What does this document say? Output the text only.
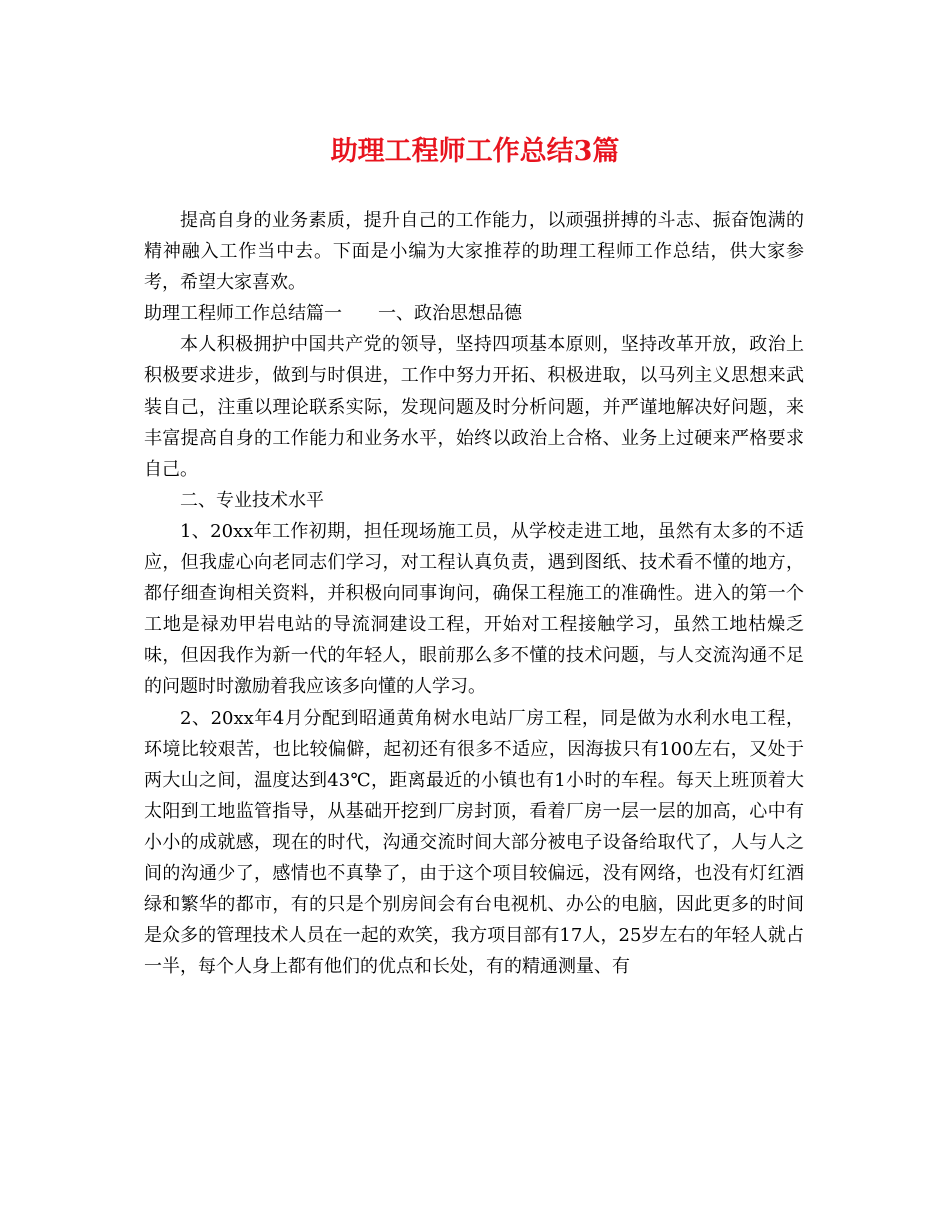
助理工程师工作总结3篇

提高自身的业务素质，提升自己的工作能力，以顽强拼搏的斗志、振奋饱满的精神融入工作当中去。下面是小编为大家推荐的助理工程师工作总结，供大家参考，希望大家喜欢。

助理工程师工作总结篇一 一、政治思想品德

本人积极拥护中国共产党的领导，坚持四项基本原则，坚持改革开放，政治上积极要求进步，做到与时俱进，工作中努力开拓、积极进取，以马列主义思想来武装自己，注重以理论联系实际，发现问题及时分析问题，并严谨地解决好问题，来丰富提高自身的工作能力和业务水平，始终以政治上合格、业务上过硬来严格要求自己。

二、专业技术水平

1、20xx年工作初期，担任现场施工员，从学校走进工地，虽然有太多的不适应，但我虚心向老同志们学习，对工程认真负责，遇到图纸、技术看不懂的地方，都仔细查询相关资料，并积极向同事询问，确保工程施工的准确性。进入的第一个工地是禄劝甲岩电站的导流洞建设工程，开始对工程接触学习，虽然工地枯燥乏味，但因我作为新一代的年轻人，眼前那么多不懂的技术问题，与人交流沟通不足的问题时时激励着我应该多向懂的人学习。

2、20xx年4月分配到昭通黄角树水电站厂房工程，同是做为水利水电工程，环境比较艰苦，也比较偏僻，起初还有很多不适应，因海拔只有100左右，又处于两大山之间，温度达到43℃，距离最近的小镇也有1小时的车程。每天上班顶着大太阳到工地监管指导，从基础开挖到厂房封顶，看着厂房一层一层的加高，心中有小小的成就感，现在的时代，沟通交流时间大部分被电子设备给取代了，人与人之间的沟通少了，感情也不真挚了，由于这个项目较偏远，没有网络，也没有灯红酒绿和繁华的都市，有的只是个别房间会有台电视机、办公的电脑，因此更多的时间是众多的管理技术人员在一起的欢笑，我方项目部有17人，25岁左右的年轻人就占一半，每个人身上都有他们的优点和长处，有的精通测量、有
